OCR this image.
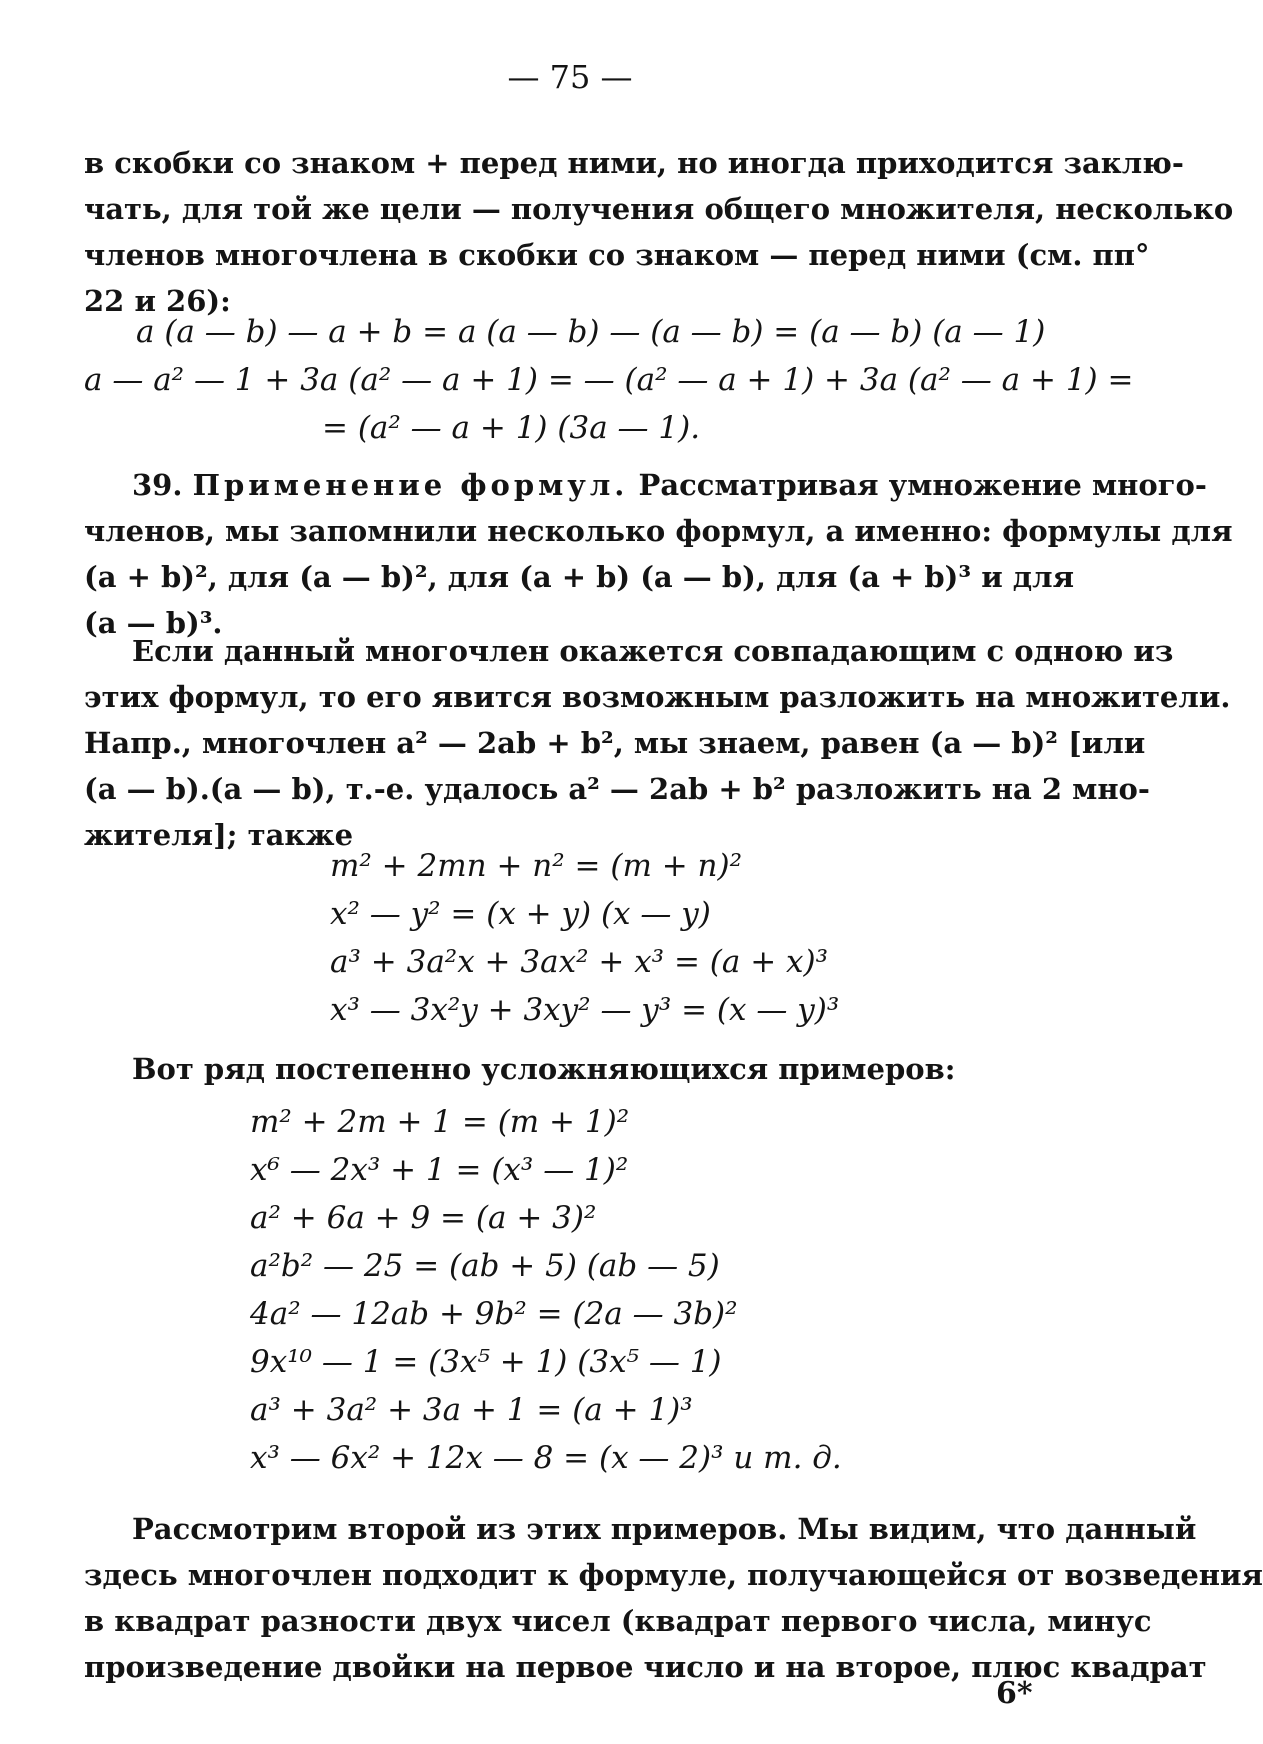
— 75 —
в скобки со знаком + перед ними, но иногда приходится заклю-
чать, для той же цели — получения общего множителя, несколько
членов многочлена в скобки со знаком — перед ними (см. пп°
22 и 26):
a (a — b) — a + b = a (a — b) — (a — b) = (a — b) (a — 1)
a — a² — 1 + 3a (a² — a + 1) = — (a² — a + 1) + 3a (a² — a + 1) =
= (a² — a + 1) (3a — 1).
39. Применение формул. Рассматривая умножение много-
членов, мы запомнили несколько формул, а именно: формулы для
(a + b)², для (a — b)², для (a + b) (a — b), для (a + b)³ и для
(a — b)³.
Если данный многочлен окажется совпадающим с одною из
этих формул, то его явится возможным разложить на множители.
Напр., многочлен a² — 2ab + b², мы знаем, равен (a — b)² [или
(a — b).(a — b), т.-е. удалось a² — 2ab + b² разложить на 2 мно-
жителя]; также
m² + 2mn + n² = (m + n)²
x² — y² = (x + y) (x — y)
a³ + 3a²x + 3ax² + x³ = (a + x)³
x³ — 3x²y + 3xy² — y³ = (x — y)³
Вот ряд постепенно усложняющихся примеров:
m² + 2m + 1 = (m + 1)²
x⁶ — 2x³ + 1 = (x³ — 1)²
a² + 6a + 9 = (a + 3)²
a²b² — 25 = (ab + 5) (ab — 5)
4a² — 12ab + 9b² = (2a — 3b)²
9x¹⁰ — 1 = (3x⁵ + 1) (3x⁵ — 1)
a³ + 3a² + 3a + 1 = (a + 1)³
x³ — 6x² + 12x — 8 = (x — 2)³ и т. д.
Рассмотрим второй из этих примеров. Мы видим, что данный
здесь многочлен подходит к формуле, получающейся от возведения
в квадрат разности двух чисел (квадрат первого числа, минус
произведение двойки на первое число и на второе, плюс квадрат
6*
